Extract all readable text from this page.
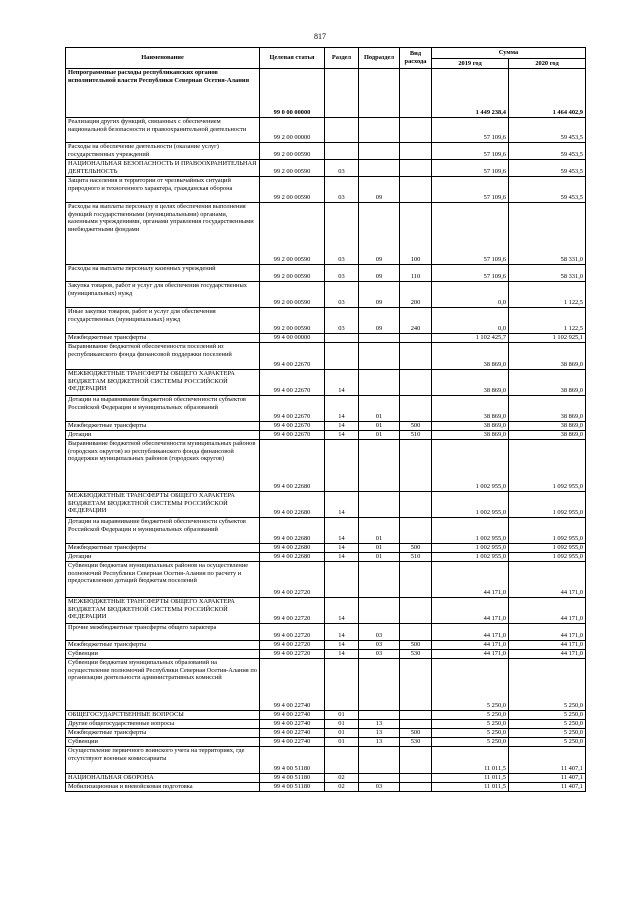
817
Наименование	Целевая статья	Раздел	Подраздел	Вид расхода	Сумма	
					2019 год	2020 год
Непрограммные расходы республиканских органов исполнительной власти Республики Северная Осетия-Алания	99 0 00 00000				1 449 238,4	1 464 402,9
Реализация других функций, связанных с обеспечением национальной безопасности и правоохранительной деятельности	99 2 00 00000				57 109,6	59 453,5
Расходы на обеспечение деятельности (оказание услуг) государственных учреждений	99 2 00 00590				57 109,6	59 453,5
НАЦИОНАЛЬНАЯ БЕЗОПАСНОСТЬ И ПРАВООХРАНИТЕЛЬНАЯ ДЕЯТЕЛЬНОСТЬ	99 2 00 00590	03			57 109,6	59 453,5
Защита населения и территории от чрезвычайных ситуаций природного и техногенного характера, гражданская оборона	99 2 00 00590	03	09		57 109,6	59 453,5
Расходы на выплаты персоналу в целях обеспечения выполнения функций государственными (муниципальными) органами, казенными учреждениями, органами управления государственными внебюджетными фондами	99 2 00 00590	03	09	100	57 109,6	58 331,0
Расходы на выплаты персоналу казенных учреждений	99 2 00 00590	03	09	110	57 109,6	58 331,0
Закупка товаров, работ и услуг для обеспечения государственных (муниципальных) нужд	99 2 00 00590	03	09	200	0,0	1 122,5
Иные закупки товаров, работ и услуг для обеспечения государственных (муниципальных) нужд	99 2 00 00590	03	09	240	0,0	1 122,5
Межбюджетные трансферты	99 4 00 00000				1 102 425,7	1 102 925,1
Выравнивание бюджетной обеспеченности поселений из республиканского фонда финансовой поддержки поселений	99 4 00 22670				38 869,0	38 869,0
МЕЖБЮДЖЕТНЫЕ ТРАНСФЕРТЫ ОБЩЕГО ХАРАКТЕРА БЮДЖЕТАМ БЮДЖЕТНОЙ СИСТЕМЫ РОССИЙСКОЙ ФЕДЕРАЦИИ	99 4 00 22670	14			38 869,0	38 869,0
Дотации на выравнивание бюджетной обеспеченности субъектов Российской Федерации и муниципальных образований	99 4 00 22670	14	01		38 869,0	38 869,0
Межбюджетные трансферты	99 4 00 22670	14	01	500	38 869,0	38 869,0
Дотации	99 4 00 22670	14	01	510	38 869,0	38 869,0
Выравнивание бюджетной обеспеченности муниципальных районов (городских округов) из республиканского фонда финансовой поддержки муниципальных районов (городских округов)	99 4 00 22680				1 002 955,0	1 092 955,0
МЕЖБЮДЖЕТНЫЕ ТРАНСФЕРТЫ ОБЩЕГО ХАРАКТЕРА БЮДЖЕТАМ БЮДЖЕТНОЙ СИСТЕМЫ РОССИЙСКОЙ ФЕДЕРАЦИИ	99 4 00 22680	14			1 002 955,0	1 092 955,0
Дотации на выравнивание бюджетной обеспеченности субъектов Российской Федерации и муниципальных образований	99 4 00 22680	14	01		1 002 955,0	1 092 955,0
Межбюджетные трансферты	99 4 00 22680	14	01	500	1 002 955,0	1 092 955,0
Дотации	99 4 00 22680	14	01	510	1 002 955,0	1 092 955,0
Субвенции бюджетам муниципальных районов на осуществление полномочий Республики Северная Осетия-Алания по расчету и предоставлению дотаций бюджетам поселений	99 4 00 22720				44 171,0	44 171,0
МЕЖБЮДЖЕТНЫЕ ТРАНСФЕРТЫ ОБЩЕГО ХАРАКТЕРА БЮДЖЕТАМ БЮДЖЕТНОЙ СИСТЕМЫ РОССИЙСКОЙ ФЕДЕРАЦИИ	99 4 00 22720	14			44 171,0	44 171,0
Прочие межбюджетные трансферты общего характера	99 4 00 22720	14	03		44 171,0	44 171,0
Межбюджетные трансферты	99 4 00 22720	14	03	500	44 171,0	44 171,0
Субвенции	99 4 00 22720	14	03	530	44 171,0	44 171,0
Субвенции бюджетам муниципальных образований на осуществление полномочий Республики Северная Осетия-Алания по организации деятельности административных комиссий	99 4 00 22740				5 250,0	5 250,0
ОБЩЕГОСУДАРСТВЕННЫЕ ВОПРОСЫ	99 4 00 22740	01			5 250,0	5 250,0
Другие общегосударственные вопросы	99 4 00 22740	01	13		5 250,0	5 250,0
Межбюджетные трансферты	99 4 00 22740	01	13	500	5 250,0	5 250,0
Субвенции	99 4 00 22740	01	13	530	5 250,0	5 250,0
Осуществление первичного воинского учета на территориях, где отсутствуют военные комиссариаты	99 4 00 51180				11 011,5	11 407,1
НАЦИОНАЛЬНАЯ ОБОРОНА	99 4 00 51180	02			11 011,5	11 407,1
Мобилизационная и вневойсковая подготовка	99 4 00 51180	02	03		11 011,5	11 407,1
